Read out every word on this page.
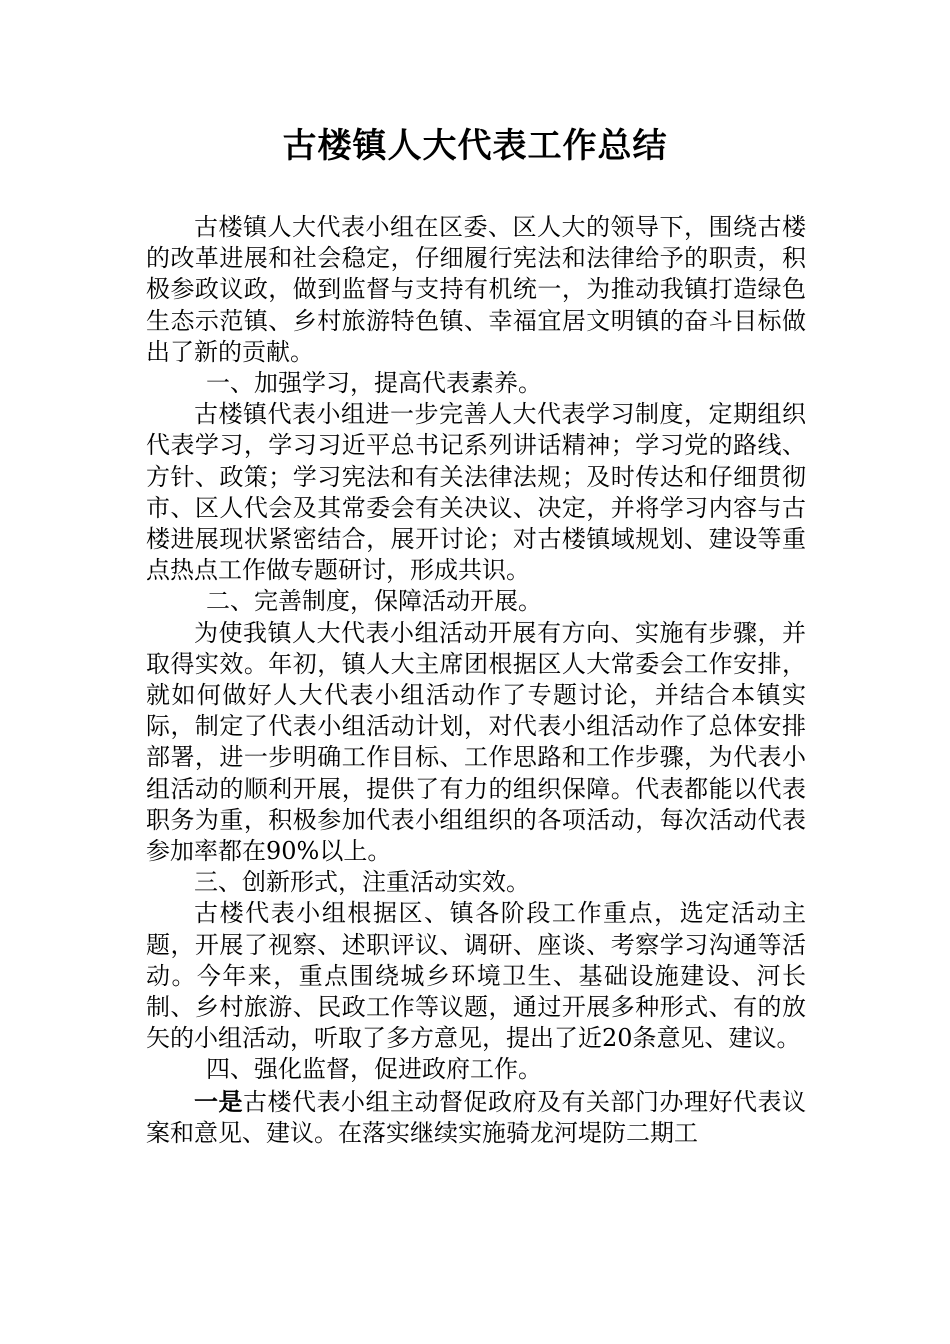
古楼镇人大代表工作总结

古楼镇人大代表小组在区委、区人大的领导下，围绕古楼的改革进展和社会稳定，仔细履行宪法和法律给予的职责，积极参政议政，做到监督与支持有机统一，为推动我镇打造绿色生态示范镇、乡村旅游特色镇、幸福宜居文明镇的奋斗目标做出了新的贡献。

一、加强学习，提高代表素养。

古楼镇代表小组进一步完善人大代表学习制度，定期组织代表学习，学习习近平总书记系列讲话精神；学习党的路线、方针、政策；学习宪法和有关法律法规；及时传达和仔细贯彻市、区人代会及其常委会有关决议、决定，并将学习内容与古楼进展现状紧密结合，展开讨论；对古楼镇域规划、建设等重点热点工作做专题研讨，形成共识。

二、完善制度，保障活动开展。

为使我镇人大代表小组活动开展有方向、实施有步骤，并取得实效。年初，镇人大主席团根据区人大常委会工作安排，就如何做好人大代表小组活动作了专题讨论，并结合本镇实际，制定了代表小组活动计划，对代表小组活动作了总体安排部署，进一步明确工作目标、工作思路和工作步骤，为代表小组活动的顺利开展，提供了有力的组织保障。代表都能以代表职务为重，积极参加代表小组组织的各项活动，每次活动代表参加率都在90%以上。

三、创新形式，注重活动实效。

古楼代表小组根据区、镇各阶段工作重点，选定活动主题，开展了视察、述职评议、调研、座谈、考察学习沟通等活动。今年来，重点围绕城乡环境卫生、基础设施建设、河长制、乡村旅游、民政工作等议题，通过开展多种形式、有的放矢的小组活动，听取了多方意见，提出了近20条意见、建议。

四、强化监督，促进政府工作。

一是古楼代表小组主动督促政府及有关部门办理好代表议案和意见、建议。在落实继续实施骑龙河堤防二期工
